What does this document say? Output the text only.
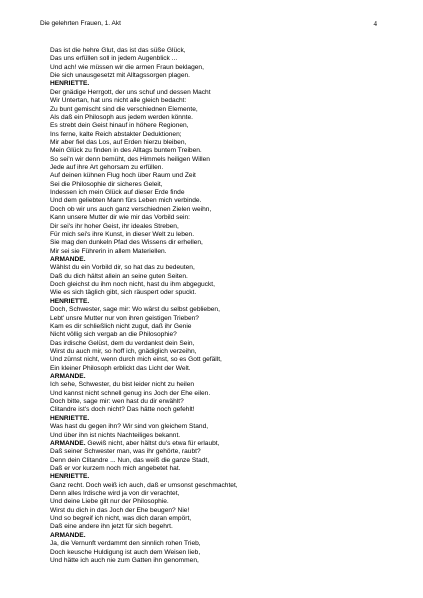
Die gelehrten Frauen, 1. Akt	4
Das ist die hehre Glut, das ist das süße Glück,
Das uns erfüllen soll in jedem Augenblick ...
Und ach! wie müssen wir die armen Fraun beklagen,
Die sich unausgesetzt mit Alltagssorgen plagen.
HENRIETTE.
Der gnädige Herrgott, der uns schuf und dessen Macht
Wir Untertan, hat uns nicht alle gleich bedacht:
Zu bunt gemischt sind die verschiednen Elemente,
Als daß ein Philosoph aus jedem werden könnte.
Es strebt dein Geist hinauf in höhere Regionen,
Ins ferne, kalte Reich abstakter Deduktionen;
Mir aber fiel das Los, auf Erden hierzu bleiben,
Mein Glück zu finden in des Alltags buntem Treiben.
So sei'n wir denn bemüht, des Himmels heiligen Willen
Jede auf ihre Art gehorsam zu erfüllen.
Auf deinen kühnen Flug hoch über Raum und Zeit
Sei die Philosophie dir sicheres Geleit,
Indessen ich mein Glück auf dieser Erde finde
Und dem geliebten Mann fürs Leben mich verbinde.
Doch ob wir uns auch ganz verschiednen Zielen weihn,
Kann unsere Mutter dir wie mir das Vorbild sein:
Dir sei's ihr hoher Geist, ihr ideales Streben,
Für mich sei's ihre Kunst, in dieser Welt zu leben.
Sie mag den dunkeln Pfad des Wissens dir erhellen,
Mir sei sie Führerin in allem Materiellen.
ARMANDE.
Wählst du ein Vorbild dir, so hat das zu bedeuten,
Daß du dich hältst allein an seine guten Seiten.
Doch gleichst du ihm noch nicht, hast du ihm abgeguckt,
Wie es sich täglich gibt, sich räuspert oder spuckt.
HENRIETTE.
Doch, Schwester, sage mir: Wo wärst du selbst geblieben,
Lebt' unsre Mutter nur von ihren geistigen Trieben?
Kam es dir schließlich nicht zugut, daß ihr Genie
Nicht völlig sich vergab an die Philosophie?
Das irdische Gelüst, dem du verdankst dein Sein,
Wirst du auch mir, so hoff ich, gnädiglich verzeihn,
Und zürnst nicht, wenn durch mich einst, so es Gott gefällt,
Ein kleiner Philosoph erblickt das Licht der Welt.
ARMANDE.
Ich sehe, Schwester, du bist leider nicht zu heilen
Und kannst nicht schnell genug ins Joch der Ehe eilen.
Doch bitte, sage mir: wen hast du dir erwählt?
Clitandre ist's doch nicht? Das hätte noch gefehlt!
HENRIETTE.
Was hast du gegen ihn? Wir sind von gleichem Stand,
Und über ihn ist nichts Nachteiliges bekannt.
ARMANDE. Gewiß nicht, aber hältst du's etwa für erlaubt,
Daß seiner Schwester man, was ihr gehörte, raubt?
Denn dein Clitandre ... Nun, das weiß die ganze Stadt,
Daß er vor kurzem noch mich angebetet hat.
HENRIETTE.
Ganz recht. Doch weiß ich auch, daß er umsonst geschmachtet,
Denn alles Irdische wird ja von dir verachtet,
Und deine Liebe gilt nur der Philosophie.
Wirst du dich in das Joch der Ehe beugen? Nie!
Und so begreif ich nicht, was dich daran empört,
Daß eine andere ihn jetzt für sich begehrt.
ARMANDE.
Ja, die Vernunft verdammt den sinnlich rohen Trieb,
Doch keusche Huldigung ist auch dem Weisen lieb,
Und hätte ich auch nie zum Gatten ihn genommen,
